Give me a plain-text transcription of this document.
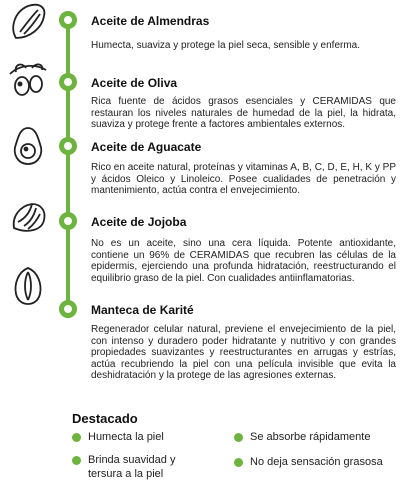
Aceite de Almendras
Humecta, suaviza y protege la piel seca, sensible y enferma.
Aceite de Oliva
Rica fuente de ácidos grasos esenciales y CERAMIDAS que restauran los niveles naturales de humedad de la piel, la hidrata, suaviza y protege frente a factores ambientales externos.
Aceite de Aguacate
Rico en aceite natural, proteínas y vitaminas A, B, C, D, E, H, K y PP y ácidos Oleico y Linoleico. Posee cualidades de penetración y mantenimiento, actúa contra el envejecimiento.
Aceite de Jojoba
No es un aceite, sino una cera líquida. Potente antioxidante, contiene un 96% de CERAMIDAS que recubren las células de la epidermis, ejerciendo una profunda hidratación, reestructurando el equilibrio graso de la piel. Con cualidades antiinflamatorias.
Manteca de Karité
Regenerador celular natural, previene el envejecimiento de la piel, con intenso y duradero poder hidratante y nutritivo y con grandes propiedades suavizantes y reestructurantes en arrugas y estrías, actúa recubriendo la piel con una película invisible que evita la deshidratación y la protege de las agresiones externas.
Destacado
Humecta la piel	Se absorbe rápidamente
Brinda suavidad y tersura a la piel
No deja sensación grasosa
